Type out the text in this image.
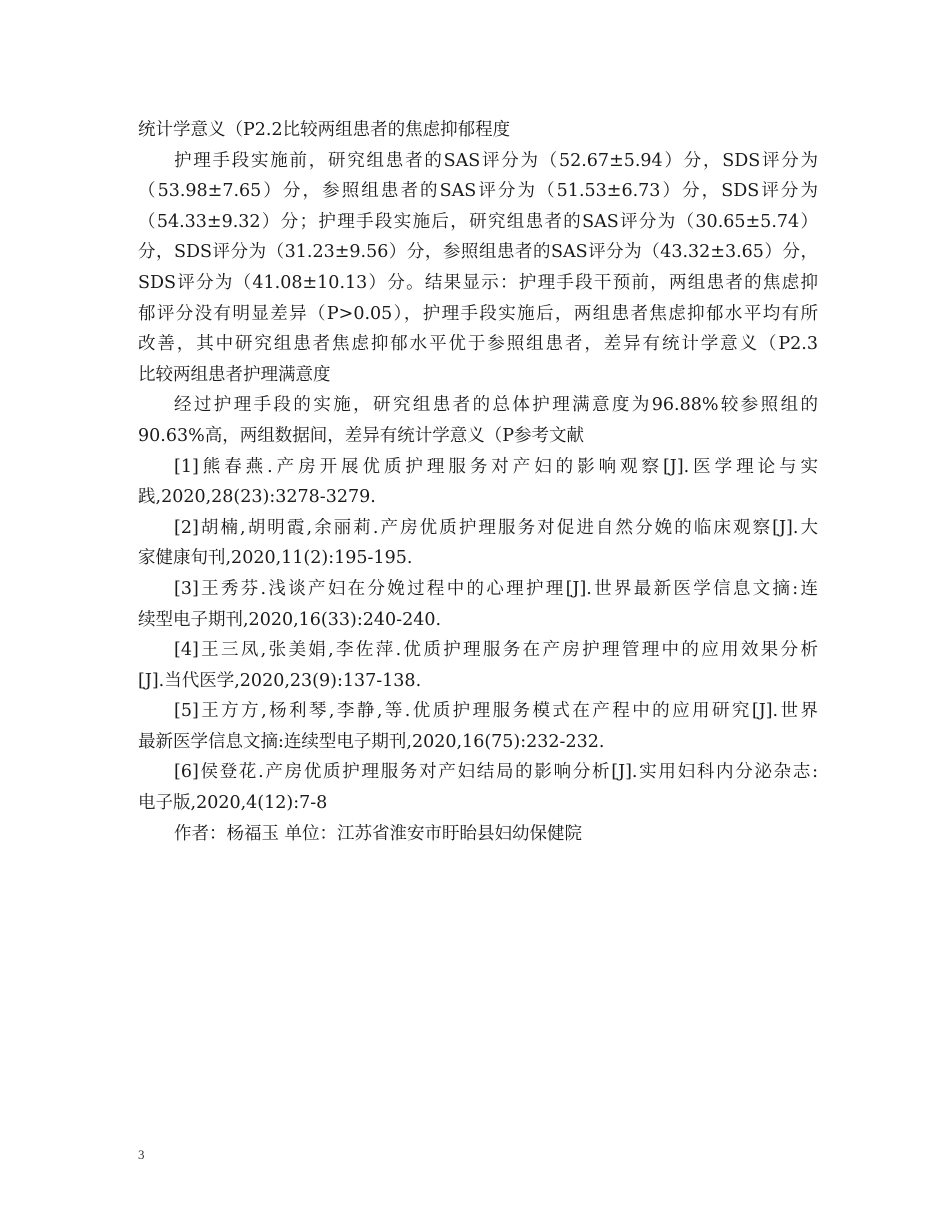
统计学意义（P2.2比较两组患者的焦虑抑郁程度
护理手段实施前，研究组患者的SAS评分为（52.67±5.94）分，SDS评分为
（53.98±7.65）分，参照组患者的SAS评分为（51.53±6.73）分，SDS评分为
（54.33±9.32）分；护理手段实施后，研究组患者的SAS评分为（30.65±5.74）
分，SDS评分为（31.23±9.56）分，参照组患者的SAS评分为（43.32±3.65）分，
SDS评分为（41.08±10.13）分。结果显示：护理手段干预前，两组患者的焦虑抑
郁评分没有明显差异（P>0.05），护理手段实施后，两组患者焦虑抑郁水平均有所
改善，其中研究组患者焦虑抑郁水平优于参照组患者，差异有统计学意义（P2.3
比较两组患者护理满意度
经过护理手段的实施，研究组患者的总体护理满意度为96.88%较参照组的
90.63%高，两组数据间，差异有统计学意义（P参考文献
[1]熊春燕.产房开展优质护理服务对产妇的影响观察[J].医学理论与实
践,2020,28(23):3278-3279.
[2]胡楠,胡明霞,余丽莉.产房优质护理服务对促进自然分娩的临床观察[J].大
家健康旬刊,2020,11(2):195-195.
[3]王秀芬.浅谈产妇在分娩过程中的心理护理[J].世界最新医学信息文摘:连
续型电子期刊,2020,16(33):240-240.
[4]王三凤,张美娟,李佐萍.优质护理服务在产房护理管理中的应用效果分析
[J].当代医学,2020,23(9):137-138.
[5]王方方,杨利琴,李静,等.优质护理服务模式在产程中的应用研究[J].世界
最新医学信息文摘:连续型电子期刊,2020,16(75):232-232.
[6]侯登花.产房优质护理服务对产妇结局的影响分析[J].实用妇科内分泌杂志:
电子版,2020,4(12):7-8
作者：杨福玉 单位：江苏省淮安市盱眙县妇幼保健院
3
